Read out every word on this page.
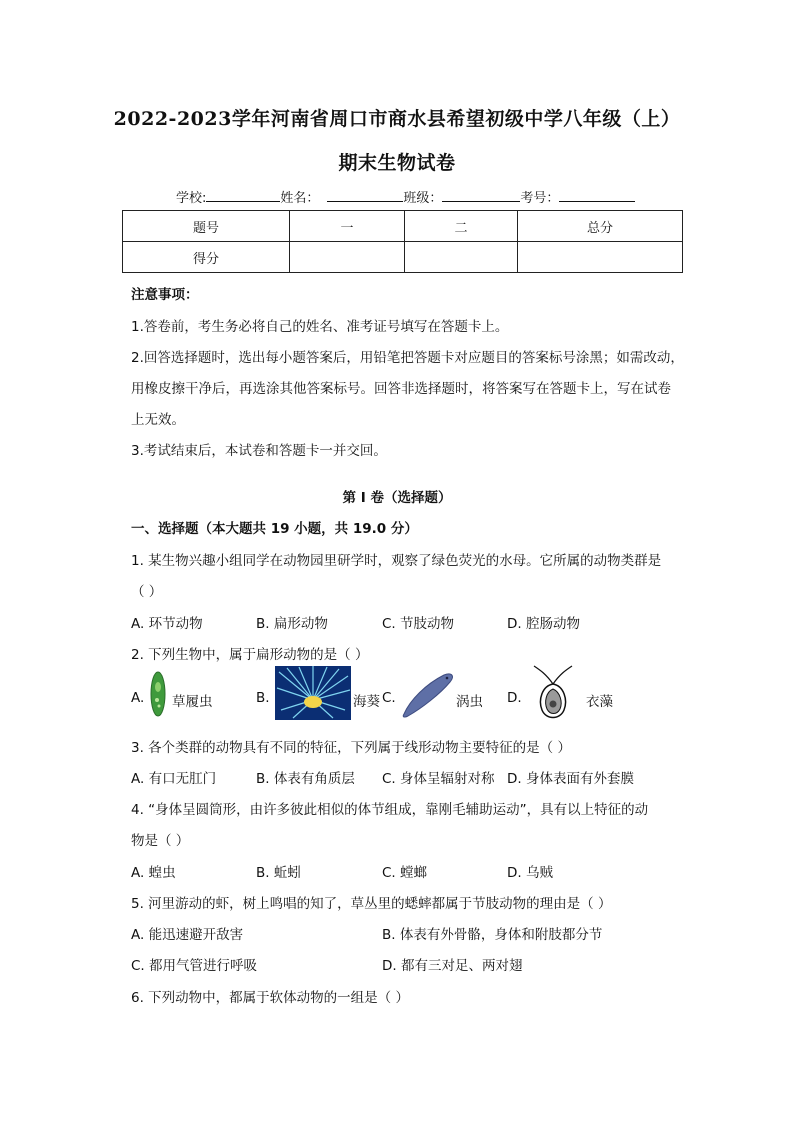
2022-2023学年河南省周口市商水县希望初级中学八年级（上）
期末生物试卷
学校:	姓名：	班级：	考号：
题号	一	二	总分
得分			
注意事项：
1.答卷前，考生务必将自己的姓名、准考证号填写在答题卡上。
2.回答选择题时，选出每小题答案后，用铅笔把答题卡对应题目的答案标号涂黑；如需改动，
用橡皮擦干净后，再选涂其他答案标号。回答非选择题时，将答案写在答题卡上，写在试卷
上无效。
3.考试结束后，本试卷和答题卡一并交回。
第 I 卷（选择题）
一、选择题（本大题共 19 小题，共 19.0 分）
1. 某生物兴趣小组同学在动物园里研学时，观察了绿色荧光的水母。它所属的动物类群是
（ ）
A. 环节动物	B. 扁形动物	C. 节肢动物	D. 腔肠动物
2. 下列生物中，属于扁形动物的是（ ）
A. 草履虫	B.	海葵 C.	涡虫 D.	衣藻
3. 各个类群的动物具有不同的特征，下列属于线形动物主要特征的是（ ）
A. 有口无肛门	B. 体表有角质层 C. 身体呈辐射对称 D. 身体表面有外套膜
4. “身体呈圆筒形，由许多彼此相似的体节组成，靠刚毛辅助运动”，具有以上特征的动
物是（ ）
A. 蝗虫	B. 蚯蚓	C. 螳螂	D. 乌贼
5. 河里游动的虾，树上鸣唱的知了，草丛里的蟋蟀都属于节肢动物的理由是（ ）
A. 能迅速避开敌害	B. 体表有外骨骼，身体和附肢都分节
C. 都用气管进行呼吸	D. 都有三对足、两对翅
6. 下列动物中，都属于软体动物的一组是（ ）
